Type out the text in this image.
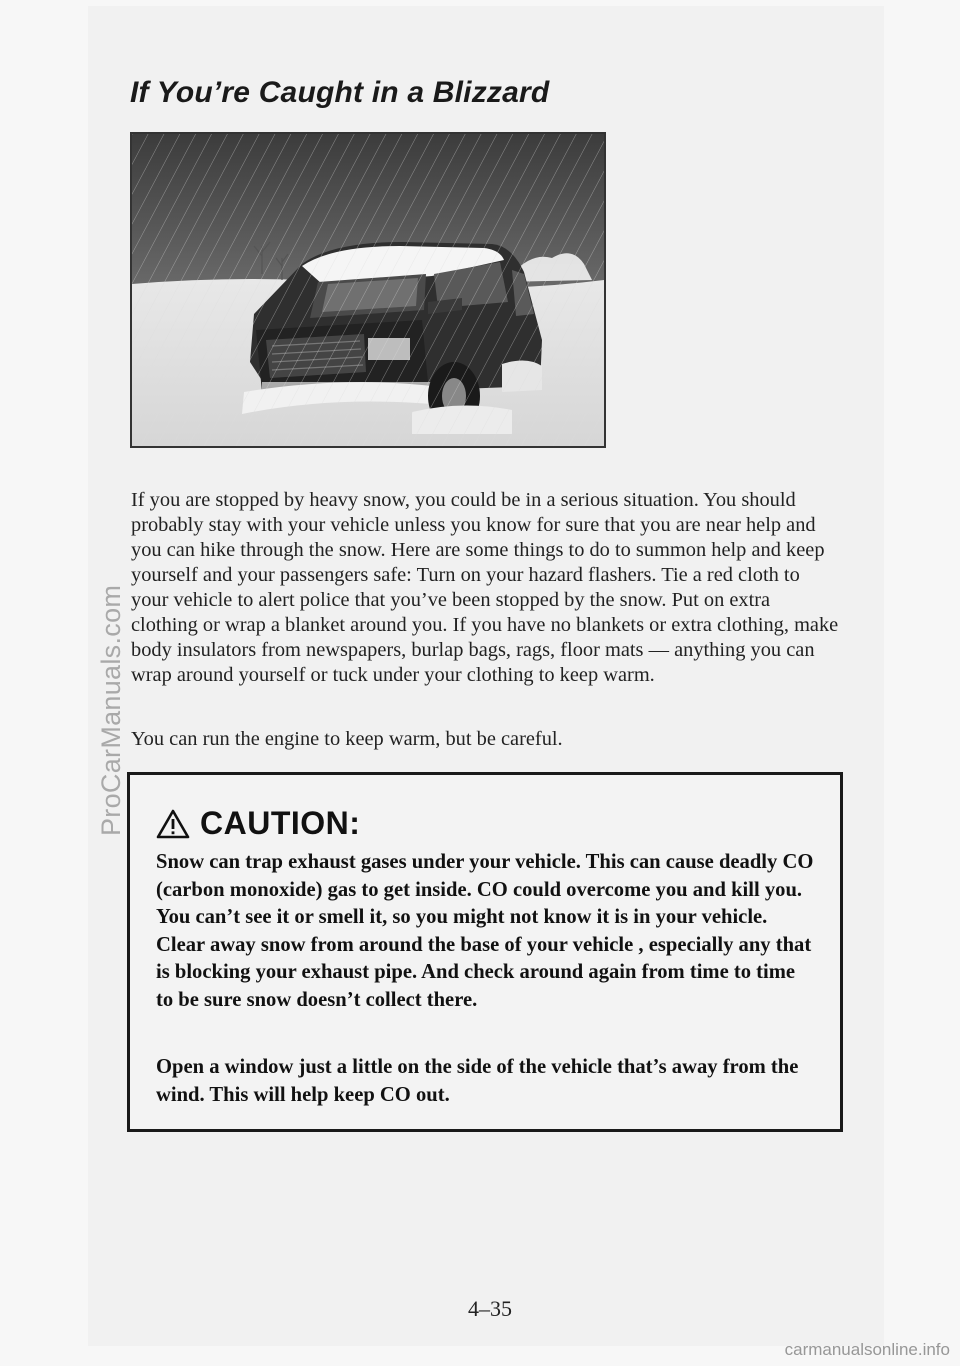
If You’re Caught in a Blizzard

If you are stopped by heavy snow, you could be in a serious situation. You should probably stay with your vehicle unless you know for sure that you are near help and you can hike through the snow. Here are some things to do to summon help and keep yourself and your passengers safe: Turn on your hazard flashers. Tie a red cloth to your vehicle to alert police that you’ve been stopped by the snow. Put on extra clothing or wrap a blanket around you. If you have no blankets or extra clothing, make body insulators from newspapers, burlap bags, rags, floor mats — anything you can wrap around yourself or tuck under your clothing to keep warm.

You can run the engine to keep warm, but be careful.

CAUTION:

Snow can trap exhaust gases under your vehicle. This can cause deadly CO (carbon monoxide) gas to get inside. CO could overcome you and kill you. You can’t see it or smell it, so you might not know it is in your vehicle. Clear away snow from around the base of your vehicle , especially any that is blocking your exhaust pipe. And check around again from time to time to be sure snow doesn’t collect there.

Open a window just a little on the side of the vehicle that’s away from the wind. This will help keep CO out.

4–35
ProCarManuals.com
carmanualsonline.info
